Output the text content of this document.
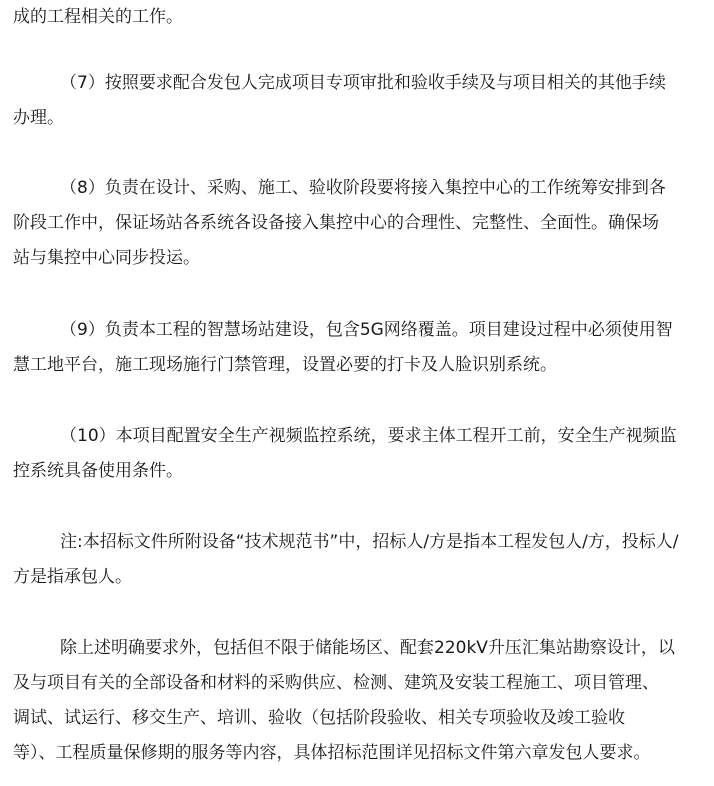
成的工程相关的工作。

（7）按照要求配合发包人完成项目专项审批和验收手续及与项目相关的其他手续
办理。

（8）负责在设计、采购、施工、验收阶段要将接入集控中心的工作统筹安排到各
阶段工作中，保证场站各系统各设备接入集控中心的合理性、完整性、全面性。确保场
站与集控中心同步投运。

（9）负责本工程的智慧场站建设，包含5G网络覆盖。项目建设过程中必须使用智
慧工地平台，施工现场施行门禁管理，设置必要的打卡及人脸识别系统。

（10）本项目配置安全生产视频监控系统，要求主体工程开工前，安全生产视频监
控系统具备使用条件。

注:本招标文件所附设备“技术规范书”中，招标人/方是指本工程发包人/方，投标人/
方是指承包人。

除上述明确要求外，包括但不限于储能场区、配套220kV升压汇集站勘察设计，以
及与项目有关的全部设备和材料的采购供应、检测、建筑及安装工程施工、项目管理、
调试、试运行、移交生产、培训、验收（包括阶段验收、相关专项验收及竣工验收
等）、工程质量保修期的服务等内容，具体招标范围详见招标文件第六章发包人要求。
